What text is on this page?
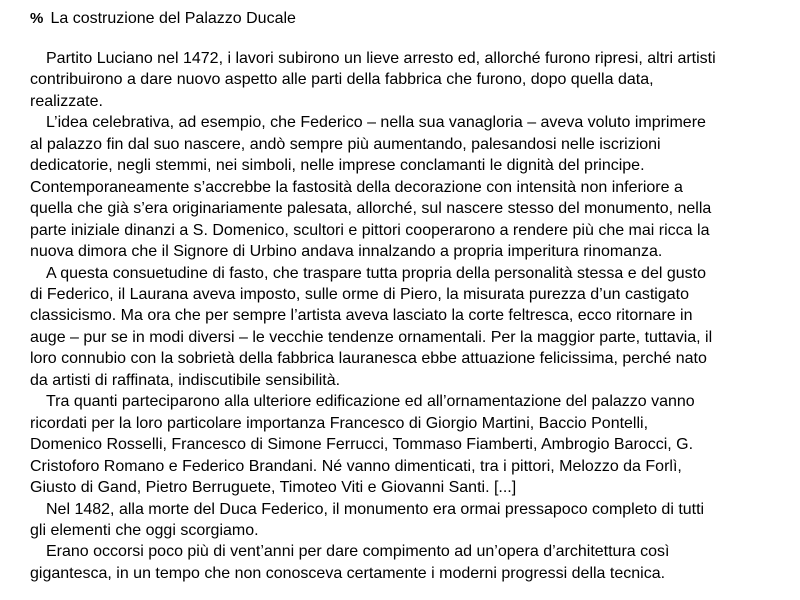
% La costruzione del Palazzo Ducale

Partito Luciano nel 1472, i lavori subirono un lieve arresto ed, allorché furono ripresi, altri artisti
contribuirono a dare nuovo aspetto alle parti della fabbrica che furono, dopo quella data,
realizzate.

L’idea celebrativa, ad esempio, che Federico – nella sua vanagloria – aveva voluto imprimere
al palazzo fin dal suo nascere, andò sempre più aumentando, palesandosi nelle iscrizioni
dedicatorie, negli stemmi, nei simboli, nelle imprese conclamanti le dignità del principe.
Contemporaneamente s’accrebbe la fastosità della decorazione con intensità non inferiore a
quella che già s’era originariamente palesata, allorché, sul nascere stesso del monumento, nella
parte iniziale dinanzi a S. Domenico, scultori e pittori cooperarono a rendere più che mai ricca la
nuova dimora che il Signore di Urbino andava innalzando a propria imperitura rinomanza.

A questa consuetudine di fasto, che traspare tutta propria della personalità stessa e del gusto
di Federico, il Laurana aveva imposto, sulle orme di Piero, la misurata purezza d’un castigato
classicismo. Ma ora che per sempre l’artista aveva lasciato la corte feltresca, ecco ritornare in
auge – pur se in modi diversi – le vecchie tendenze ornamentali. Per la maggior parte, tuttavia, il
loro connubio con la sobrietà della fabbrica lauranesca ebbe attuazione felicissima, perché nato
da artisti di raffinata, indiscutibile sensibilità.

Tra quanti parteciparono alla ulteriore edificazione ed all’ornamentazione del palazzo vanno
ricordati per la loro particolare importanza Francesco di Giorgio Martini, Baccio Pontelli,
Domenico Rosselli, Francesco di Simone Ferrucci, Tommaso Fiamberti, Ambrogio Barocci, G.
Cristoforo Romano e Federico Brandani. Né vanno dimenticati, tra i pittori, Melozzo da Forlì,
Giusto di Gand, Pietro Berruguete, Timoteo Viti e Giovanni Santi. [...]

Nel 1482, alla morte del Duca Federico, il monumento era ormai pressapoco completo di tutti
gli elementi che oggi scorgiamo.

Erano occorsi poco più di vent’anni per dare compimento ad un’opera d’architettura così
gigantesca, in un tempo che non conosceva certamente i moderni progressi della tecnica.
